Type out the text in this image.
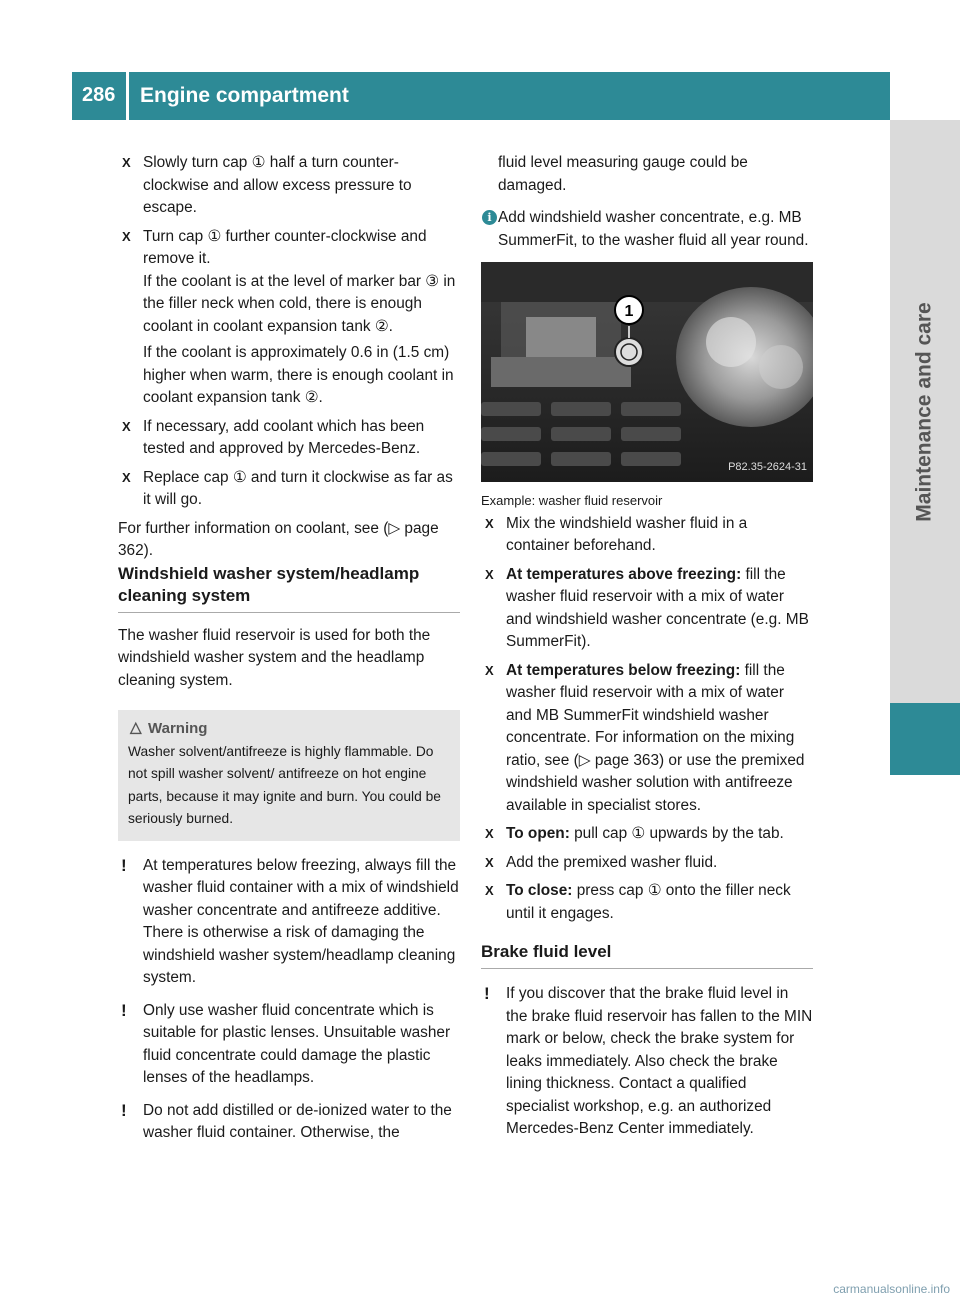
286 Engine compartment
Maintenance and care
X Slowly turn cap ① half a turn counter-clockwise and allow excess pressure to escape.

X Turn cap ① further counter-clockwise and remove it.

If the coolant is at the level of marker bar ③ in the filler neck when cold, there is enough coolant in coolant expansion tank ②.

If the coolant is approximately 0.6 in (1.5 cm) higher when warm, there is enough coolant in coolant expansion tank ②.

X If necessary, add coolant which has been tested and approved by Mercedes-Benz.

X Replace cap ① and turn it clockwise as far as it will go.

For further information on coolant, see (▷ page 362).

Windshield washer system/headlamp cleaning system

The washer fluid reservoir is used for both the windshield washer system and the headlamp cleaning system.

△ Warning

Washer solvent/antifreeze is highly flammable. Do not spill washer solvent/ antifreeze on hot engine parts, because it may ignite and burn. You could be seriously burned.

! At temperatures below freezing, always fill the washer fluid container with a mix of windshield washer concentrate and antifreeze additive. There is otherwise a risk of damaging the windshield washer system/headlamp cleaning system.

! Only use washer fluid concentrate which is suitable for plastic lenses. Unsuitable washer fluid concentrate could damage the plastic lenses of the headlamps.

! Do not add distilled or de-ionized water to the washer fluid container. Otherwise, the

fluid level measuring gauge could be damaged.

i Add windshield washer concentrate, e.g. MB SummerFit, to the washer fluid all year round.

1
P82.35-2624-31

Example: washer fluid reservoir

X Mix the windshield washer fluid in a container beforehand.

X At temperatures above freezing: fill the washer fluid reservoir with a mix of water and windshield washer concentrate (e.g. MB SummerFit).

X At temperatures below freezing: fill the washer fluid reservoir with a mix of water and MB SummerFit windshield washer concentrate. For information on the mixing ratio, see (▷ page 363) or use the premixed windshield washer solution with antifreeze available in specialist stores.

X To open: pull cap ① upwards by the tab.

X Add the premixed washer fluid.

X To close: press cap ① onto the filler neck until it engages.

Brake fluid level

! If you discover that the brake fluid level in the brake fluid reservoir has fallen to the MIN mark or below, check the brake system for leaks immediately. Also check the brake lining thickness. Contact a qualified specialist workshop, e.g. an authorized Mercedes-Benz Center immediately.

carmanualsonline.info
